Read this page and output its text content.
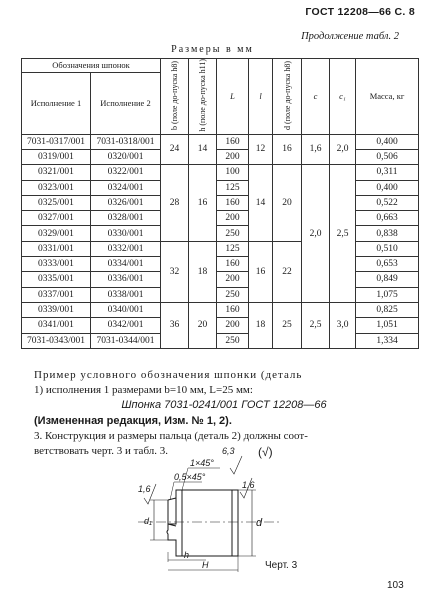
ГОСТ 12208—66 С. 8
Продолжение табл. 2
Размеры в мм
Обозначения шпонок		b (поле до-пуска h8)	h (поле до-пуска h11)	L	l	d (поле до-пуска h8)	c	c₁	Масса, кг
Исполнение 1	Исполнение 2								
7031-0317/001	7031-0318/001	24	14	160	12	16	1,6	2,0	0,400
0319/001	0320/001			200					0,506
0321/001	0322/001	28	16	100	14	20	2,0	2,5	0,311
0323/001	0324/001			125					0,400
0325/001	0326/001			160					0,522
0327/001	0328/001			200					0,663
0329/001	0330/001			250					0,838
0331/001	0332/001	32	18	125	16	22			0,510
0333/001	0334/001			160					0,653
0335/001	0336/001			200					0,849
0337/001	0338/001			250					1,075
0339/001	0340/001	36	20	160	18	25	2,5	3,0	0,825
0341/001	0342/001			200					1,051
7031-0343/001	7031-0344/001			250					1,334
Пример условного обозначения шпонки (деталь
1) исполнения 1 размерами b=10 мм, L=25 мм:
Шпонка 7031-0241/001 ГОСТ 12208—66
(Измененная редакция, Изм. № 1, 2).
3. Конструкция и размеры пальца (деталь 2) должны соот-
ветствовать черт. 3 и табл. 3.
1×45°
0,5×45°
6,3 (√)
1,6	1,6
d₁	d
h
H	Черт. 3
103
